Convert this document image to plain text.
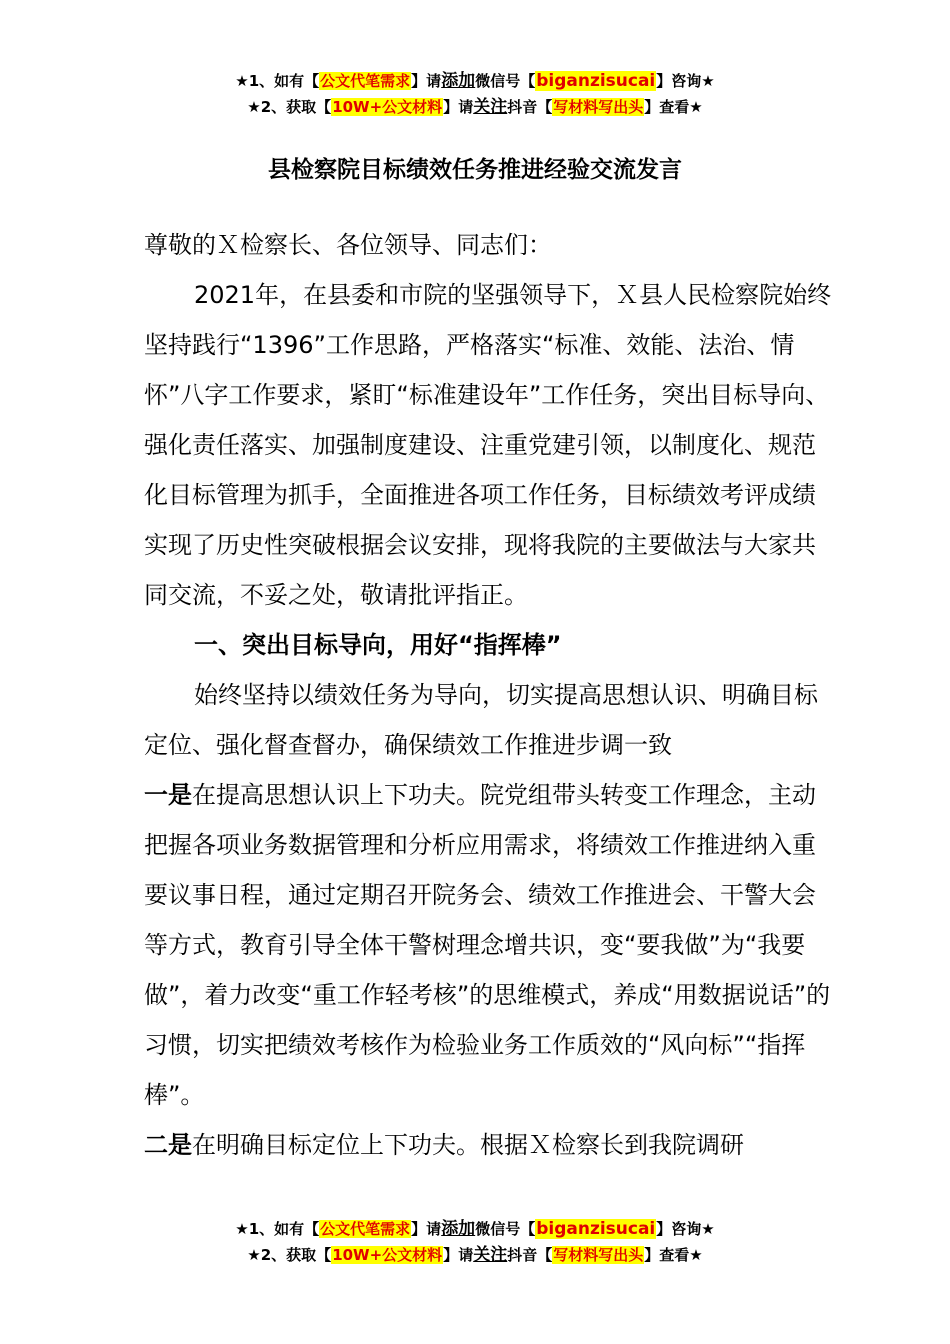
★1、如有【公文代笔需求】请添加微信号【biganzisucai】咨询★
★2、获取【10W+公文材料】请关注抖音【写材料写出头】查看★
县检察院目标绩效任务推进经验交流发言

尊敬的Ｘ检察长、各位领导、同志们：

2021年，在县委和市院的坚强领导下，Ｘ县人民检察院始终坚持践行“1396”工作思路，严格落实“标准、效能、法治、情怀”八字工作要求，紧盯“标准建设年”工作任务，突出目标导向、强化责任落实、加强制度建设、注重党建引领，以制度化、规范化目标管理为抓手，全面推进各项工作任务，目标绩效考评成绩实现了历史性突破根据会议安排，现将我院的主要做法与大家共同交流，不妥之处，敬请批评指正。

一、突出目标导向，用好“指挥棒”

始终坚持以绩效任务为导向，切实提高思想认识、明确目标定位、强化督查督办，确保绩效工作推进步调一致

一是在提高思想认识上下功夫。院党组带头转变工作理念，主动把握各项业务数据管理和分析应用需求，将绩效工作推进纳入重要议事日程，通过定期召开院务会、绩效工作推进会、干警大会等方式，教育引导全体干警树理念增共识，变“要我做”为“我要做”，着力改变“重工作轻考核”的思维模式，养成“用数据说话”的习惯，切实把绩效考核作为检验业务工作质效的“风向标”“指挥棒”。

二是在明确目标定位上下功夫。根据Ｘ检察长到我院调研

★1、如有【公文代笔需求】请添加微信号【biganzisucai】咨询★
★2、获取【10W+公文材料】请关注抖音【写材料写出头】查看★
